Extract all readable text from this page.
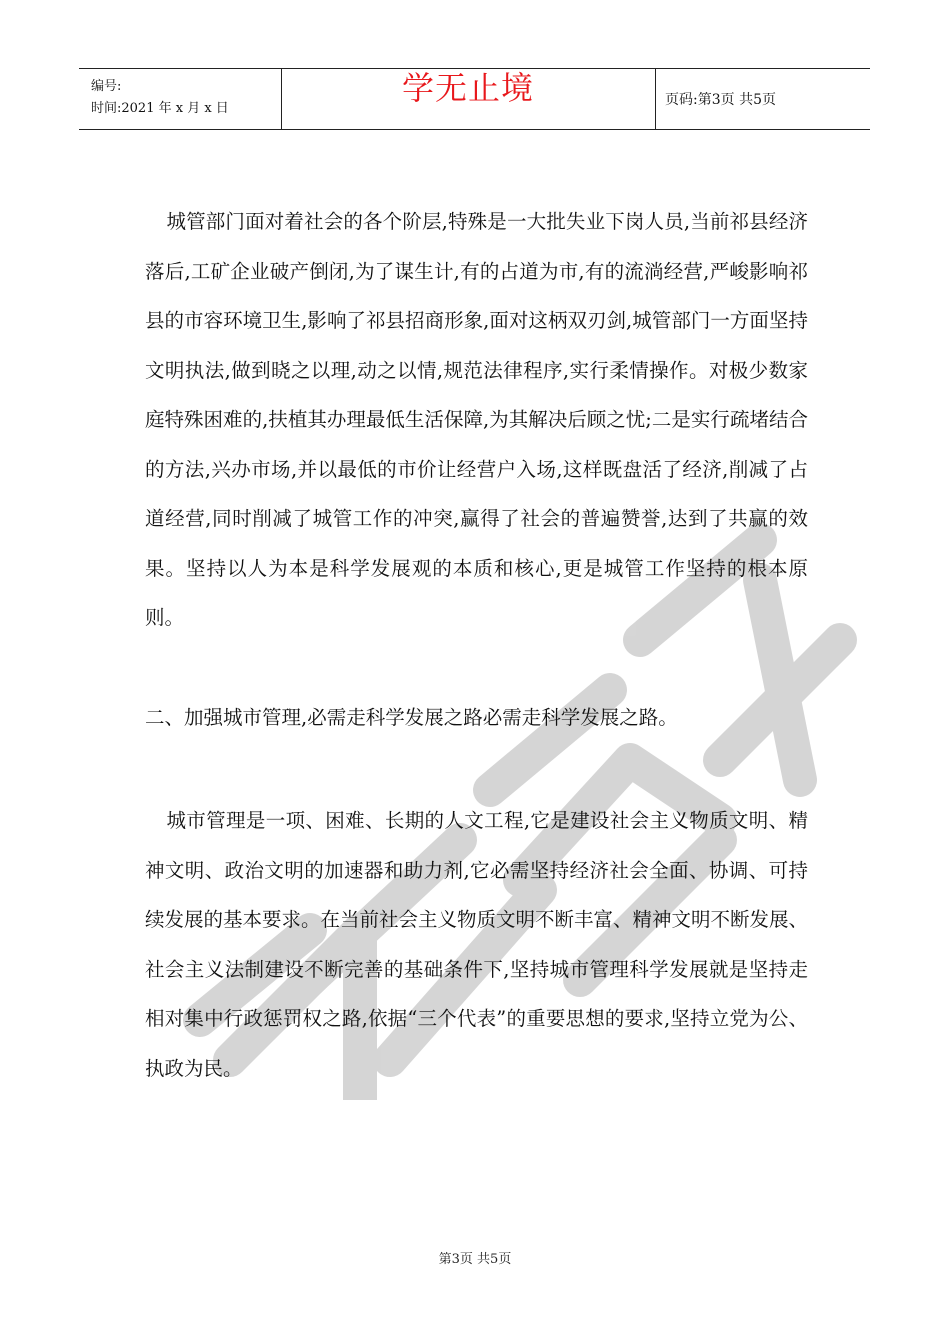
编号:
时间:2021 年 x 月 x 日
学无止境	页码:第3页 共5页

城管部门面对着社会的各个阶层,特殊是一大批失业下岗人员,当前祁县经济落后,工矿企业破产倒闭,为了谋生计,有的占道为市,有的流淌经营,严峻影响祁县的市容环境卫生,影响了祁县招商形象,面对这柄双刃剑,城管部门一方面坚持文明执法,做到晓之以理,动之以情,规范法律程序,实行柔情操作。对极少数家庭特殊困难的,扶植其办理最低生活保障,为其解决后顾之忧;二是实行疏堵结合的方法,兴办市场,并以最低的市价让经营户入场,这样既盘活了经济,削减了占道经营,同时削减了城管工作的冲突,赢得了社会的普遍赞誉,达到了共赢的效果。坚持以人为本是科学发展观的本质和核心,更是城管工作坚持的根本原则。

二、加强城市管理,必需走科学发展之路必需走科学发展之路。

城市管理是一项、困难、长期的人文工程,它是建设社会主义物质文明、精神文明、政治文明的加速器和助力剂,它必需坚持经济社会全面、协调、可持续发展的基本要求。在当前社会主义物质文明不断丰富、精神文明不断发展、社会主义法制建设不断完善的基础条件下,坚持城市管理科学发展就是坚持走相对集中行政惩罚权之路,依据“三个代表”的重要思想的要求,坚持立党为公、执政为民。

第3页 共5页
